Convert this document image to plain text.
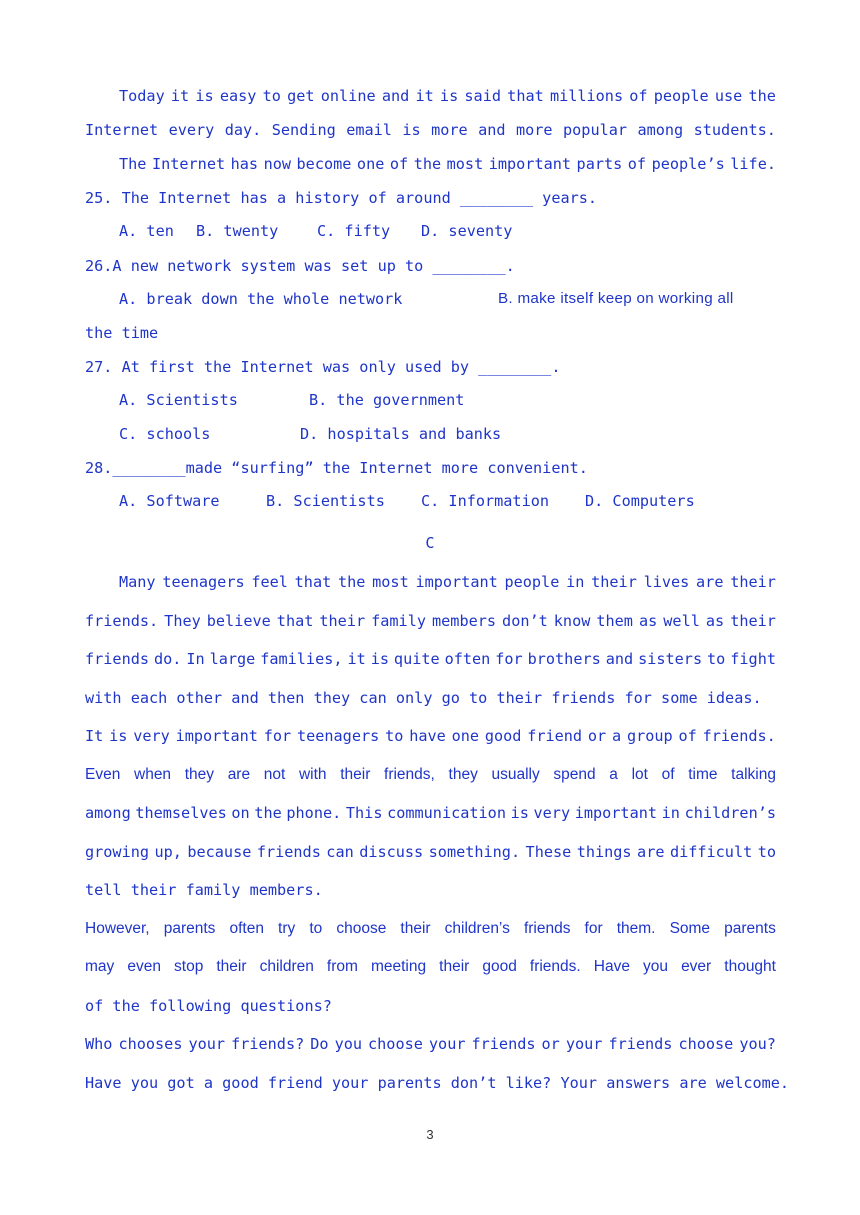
Today it is easy to get online and it is said that millions of people use the
Internet every day. Sending email is more and more popular among students.
The Internet has now become one of the most important parts of people’s life.
25. The Internet has a history of around ________ years.
A. ten B. twenty	C. fifty D. seventy
26.A new network system was set up to ________.
A. break down the whole network	B. make itself keep on working all
the time
27. At first the Internet was only used by ________.
A. Scientists	B. the government
C. schools	D. hospitals and banks
28.________made “surfing” the Internet more convenient.
A. Software	B. Scientists C. Information D. Computers
C
Many teenagers feel that the most important people in their lives are their
friends. They believe that their family members don’t know them as well as their
friends do. In large families, it is quite often for brothers and sisters to fight
with each other and then they can only go to their friends for some ideas.
It is very important for teenagers to have one good friend or a group of friends.
Even when they are not with their friends, they usually spend a lot of time talking
among themselves on the phone. This communication is very important in children’s
growing up, because friends can discuss something. These things are difficult to
tell their family members.
However, parents often try to choose their children’s friends for them. Some parents
may even stop their children from meeting their good friends. Have you ever thought
of the following questions?
Who chooses your friends? Do you choose your friends or your friends choose you?
Have you got a good friend your parents don’t like? Your answers are welcome.
3
